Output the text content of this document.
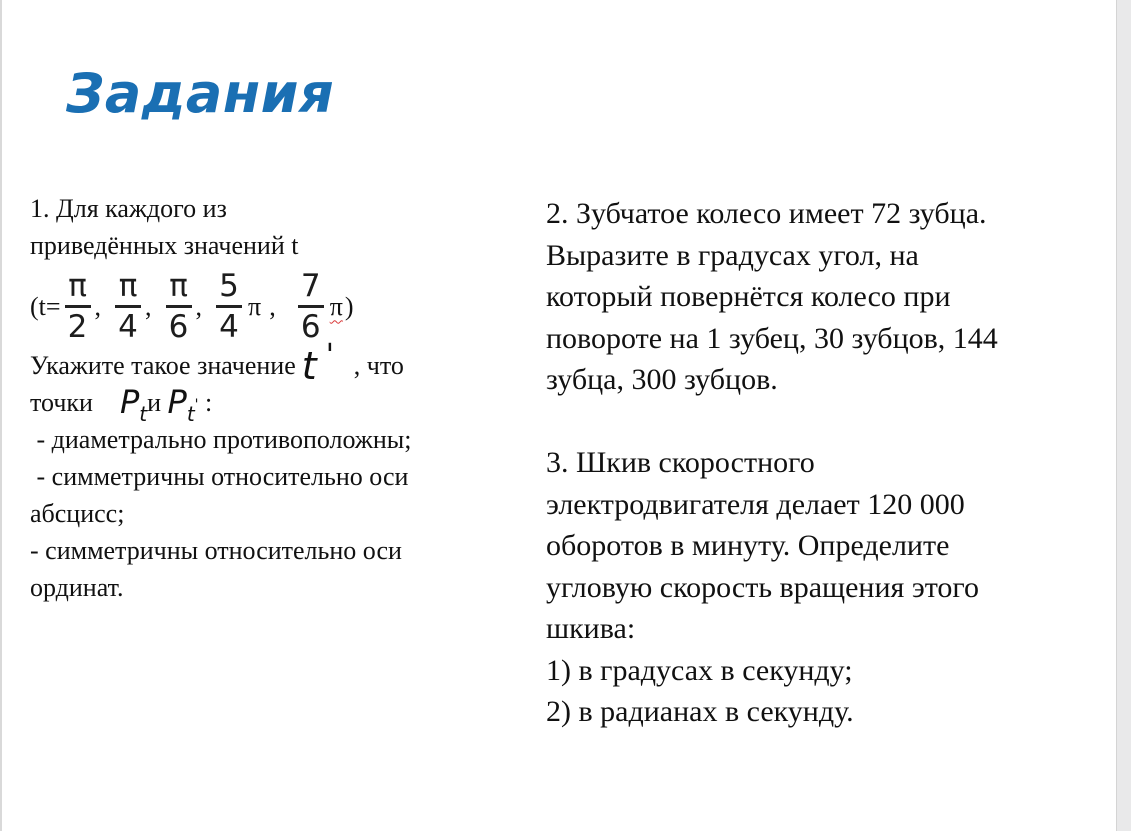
Задания
1. Для каждого из
приведённых значений t
($t= \frac{\pi}{2}$ , $\frac{\pi}{4}$ , $\frac{\pi}{6}$ , $\frac{5}{4}$ π , $\frac{7}{6}$ π )
Укажите такое значение t ' , что
точки $P_tи$ $P_t'$ :
- диаметрально противоположны;
- симметричны относительно оси
абсцисс;
- симметричны относительно оси
ординат.
2. Зубчатое колесо имеет 72 зубца.
Выразите в градусах угол, на
который повернётся колесо при
повороте на 1 зубец, 30 зубцов, 144
зубца, 300 зубцов.
3. Шкив скоростного
электродвигателя делает 120 000
оборотов в минуту. Определите
угловую скорость вращения этого
шкива:
1) в градусах в секунду;
2) в радианах в секунду.
